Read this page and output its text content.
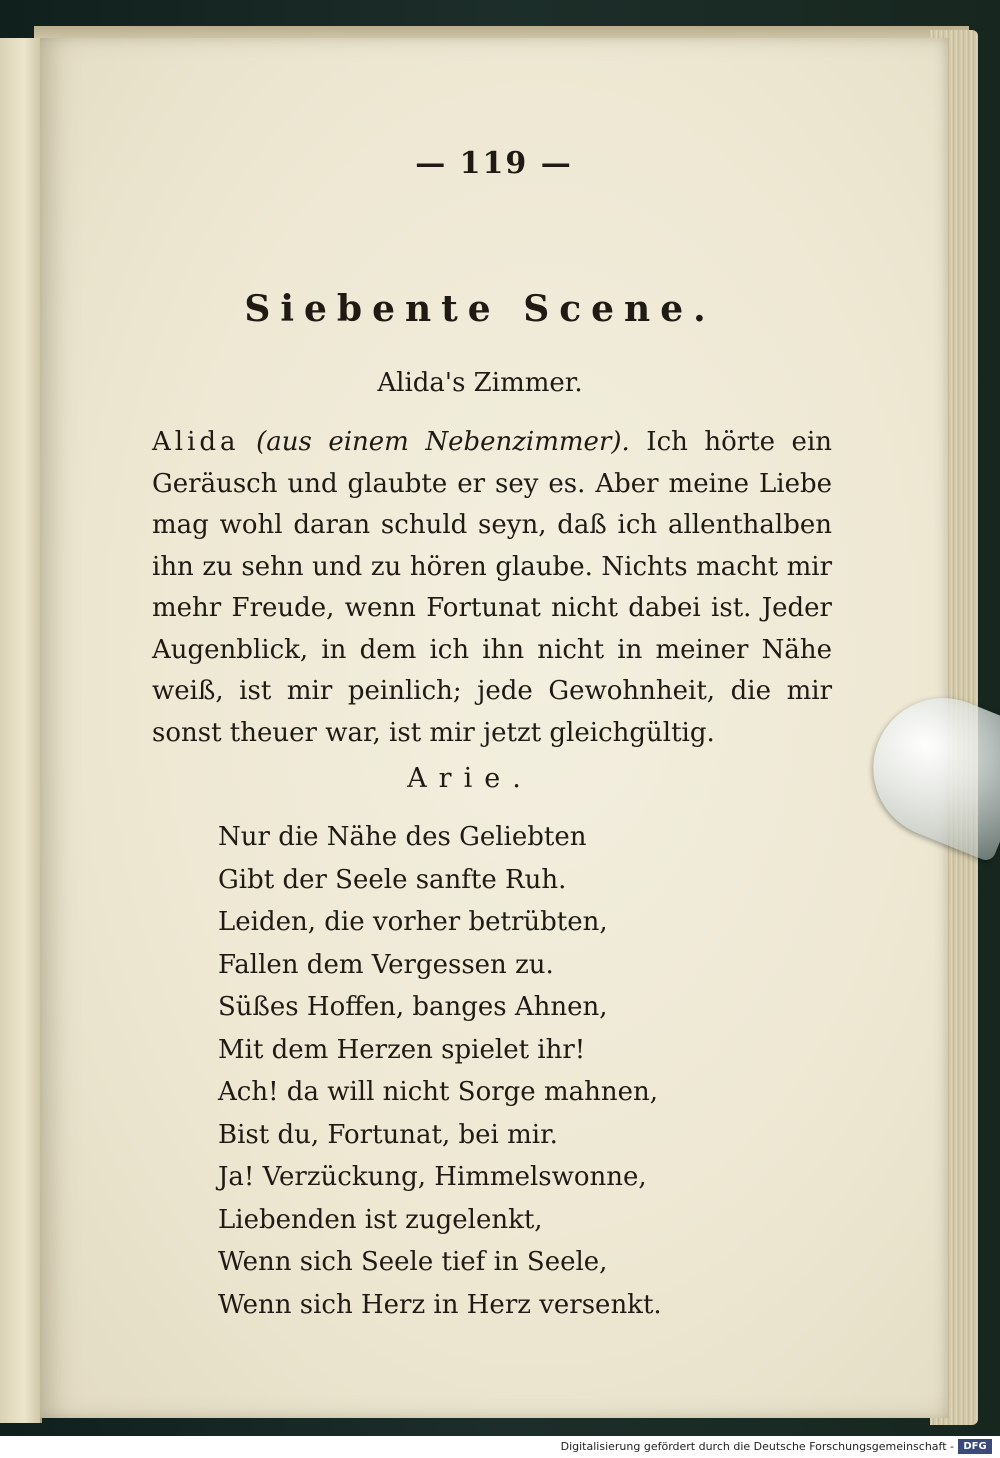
— 119 —
Siebente Scene.
Alida's Zimmer.
Alida (aus einem Nebenzimmer). Ich hörte ein Geräusch und glaubte er sey es. Aber meine Liebe mag wohl daran schuld seyn, daß ich allenthalben ihn zu sehn und zu hören glaube. Nichts macht mir mehr Freude, wenn Fortunat nicht dabei ist. Jeder Augenblick, in dem ich ihn nicht in meiner Nähe weiß, ist mir peinlich; jede Gewohnheit, die mir sonst theuer war, ist mir jetzt gleichgültig.
Arie.
Nur die Nähe des Geliebten
Gibt der Seele sanfte Ruh.
Leiden, die vorher betrübten,
Fallen dem Vergessen zu.
Süßes Hoffen, banges Ahnen,
Mit dem Herzen spielet ihr!
Ach! da will nicht Sorge mahnen,
Bist du, Fortunat, bei mir.
Ja! Verzückung, Himmelswonne,
Liebenden ist zugelenkt,
Wenn sich Seele tief in Seele,
Wenn sich Herz in Herz versenkt.
Digitalisierung gefördert durch die Deutsche Forschungsgemeinschaft - DFG
